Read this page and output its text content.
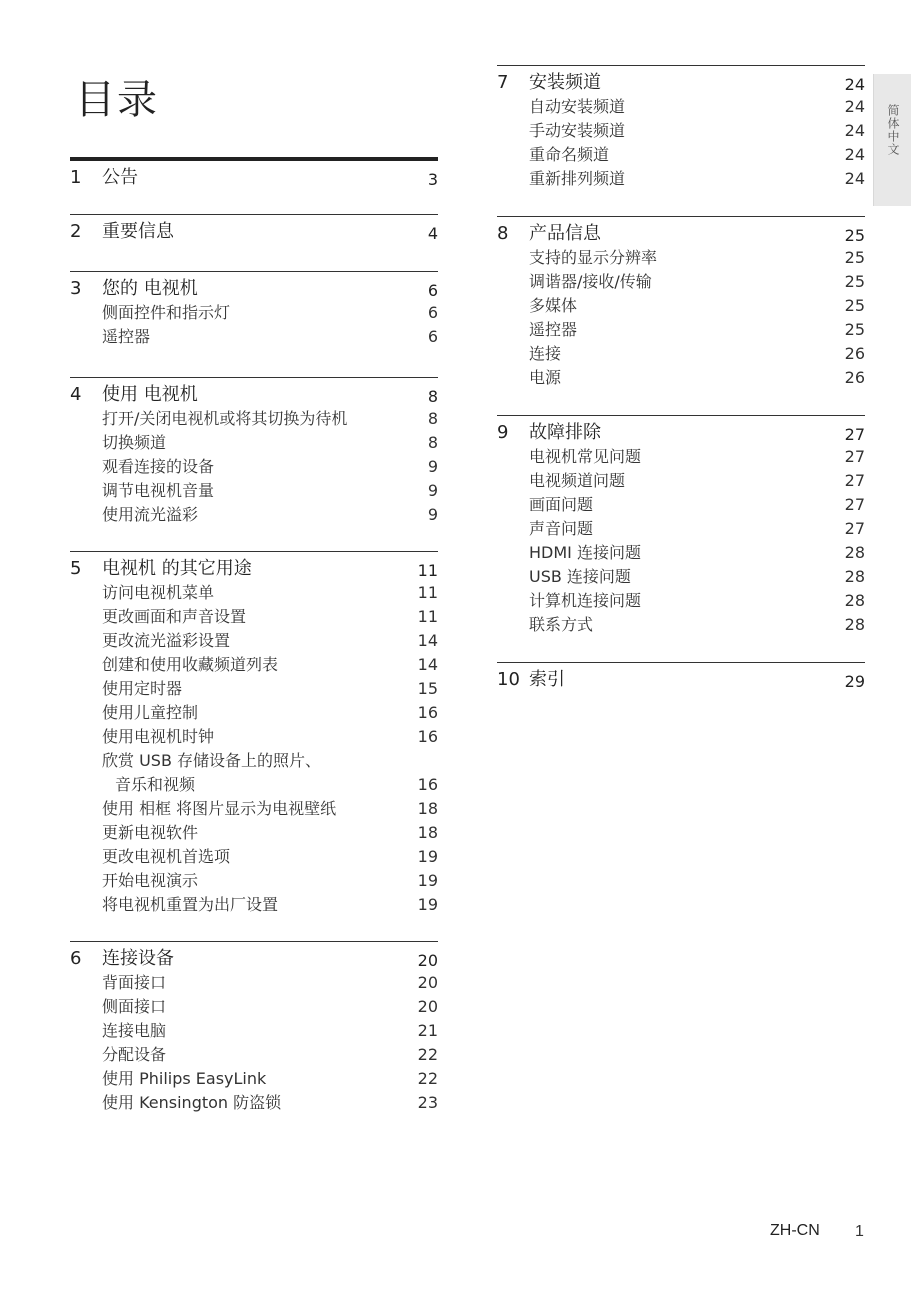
目录
简体中文
1 公告	3
2 重要信息	4
3 您的 电视机	6
侧面控件和指示灯	6
遥控器	6
4 使用 电视机	8
打开/关闭电视机或将其切换为待机	8
切换频道	8
观看连接的设备	9
调节电视机音量	9
使用流光溢彩	9
5 电视机 的其它用途	11
访问电视机菜单	11
更改画面和声音设置	11
更改流光溢彩设置	14
创建和使用收藏频道列表	14
使用定时器	15
使用儿童控制	16
使用电视机时钟	16
欣赏 USB 存储设备上的照片、
音乐和视频	16
使用 相框 将图片显示为电视壁纸	18
更新电视软件	18
更改电视机首选项	19
开始电视演示	19
将电视机重置为出厂设置	19
6 连接设备	20
背面接口	20
侧面接口	20
连接电脑	21
分配设备	22
使用 Philips EasyLink	22
使用 Kensington 防盗锁	23
7 安装频道	24
自动安装频道	24
手动安装频道	24
重命名频道	24
重新排列频道	24
8 产品信息	25
支持的显示分辨率	25
调谐器/接收/传输	25
多媒体	25
遥控器	25
连接	26
电源	26
9 故障排除	27
电视机常见问题	27
电视频道问题	27
画面问题	27
声音问题	27
HDMI 连接问题	28
USB 连接问题	28
计算机连接问题	28
联系方式	28
10 索引	29
ZH-CN 1
